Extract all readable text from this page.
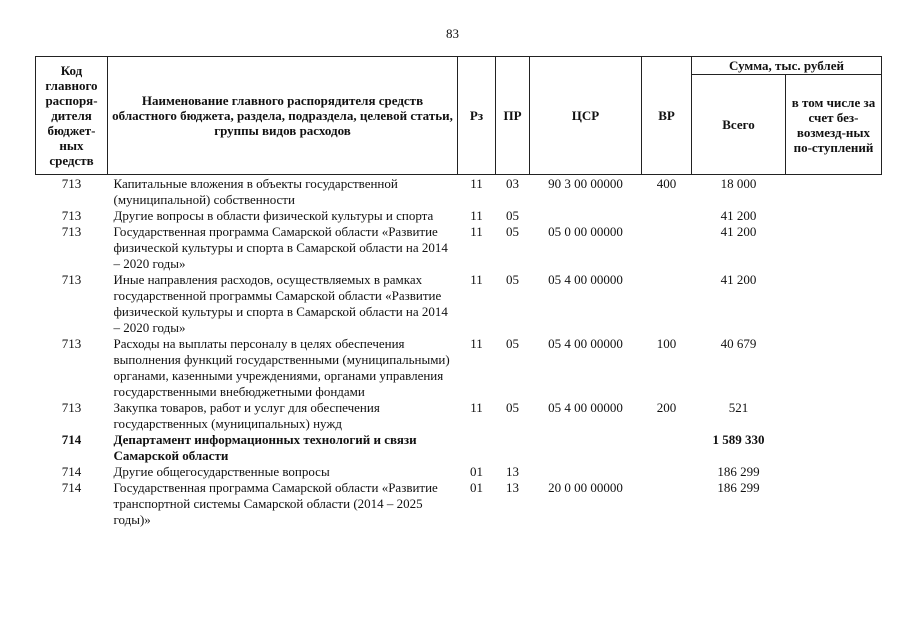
83
Код главного распоря-дителя бюджет-ных средств	Наименование главного распорядителя средств областного бюджета, раздела, подраздела, целевой статьи, группы видов расходов	Рз	ПР	ЦСР	ВР	Сумма, тыс. рублей	
						Всего	в том числе за счет без-возмезд-ных по-ступлений
713	Капитальные вложения в объекты государственной (муниципальной) собственности	11	03	90 3 00 00000	400	18 000	
713	Другие вопросы в области физической культуры и спорта	11	05			41 200	
713	Государственная программа Самарской области «Развитие физической культуры и спорта в Самарской области на 2014 – 2020 годы»	11	05	05 0 00 00000		41 200	
713	Иные направления расходов, осуществляемых в рамках государственной программы Самарской области «Развитие физической культуры и спорта в Самарской области на 2014 – 2020 годы»	11	05	05 4 00 00000		41 200	
713	Расходы на выплаты персоналу в целях обеспечения выполнения функций государственными (муниципальными) органами, казенными учреждениями, органами управления государственными внебюджетными фондами	11	05	05 4 00 00000	100	40 679	
713	Закупка товаров, работ и услуг для обеспечения государственных (муниципальных) нужд	11	05	05 4 00 00000	200	521	
714	Департамент информационных технологий и связи Самарской области					1 589 330	
714	Другие общегосударственные вопросы	01	13			186 299	
714	Государственная программа Самарской области «Развитие транспортной системы Самарской области (2014 – 2025 годы)»	01	13	20 0 00 00000		186 299	
